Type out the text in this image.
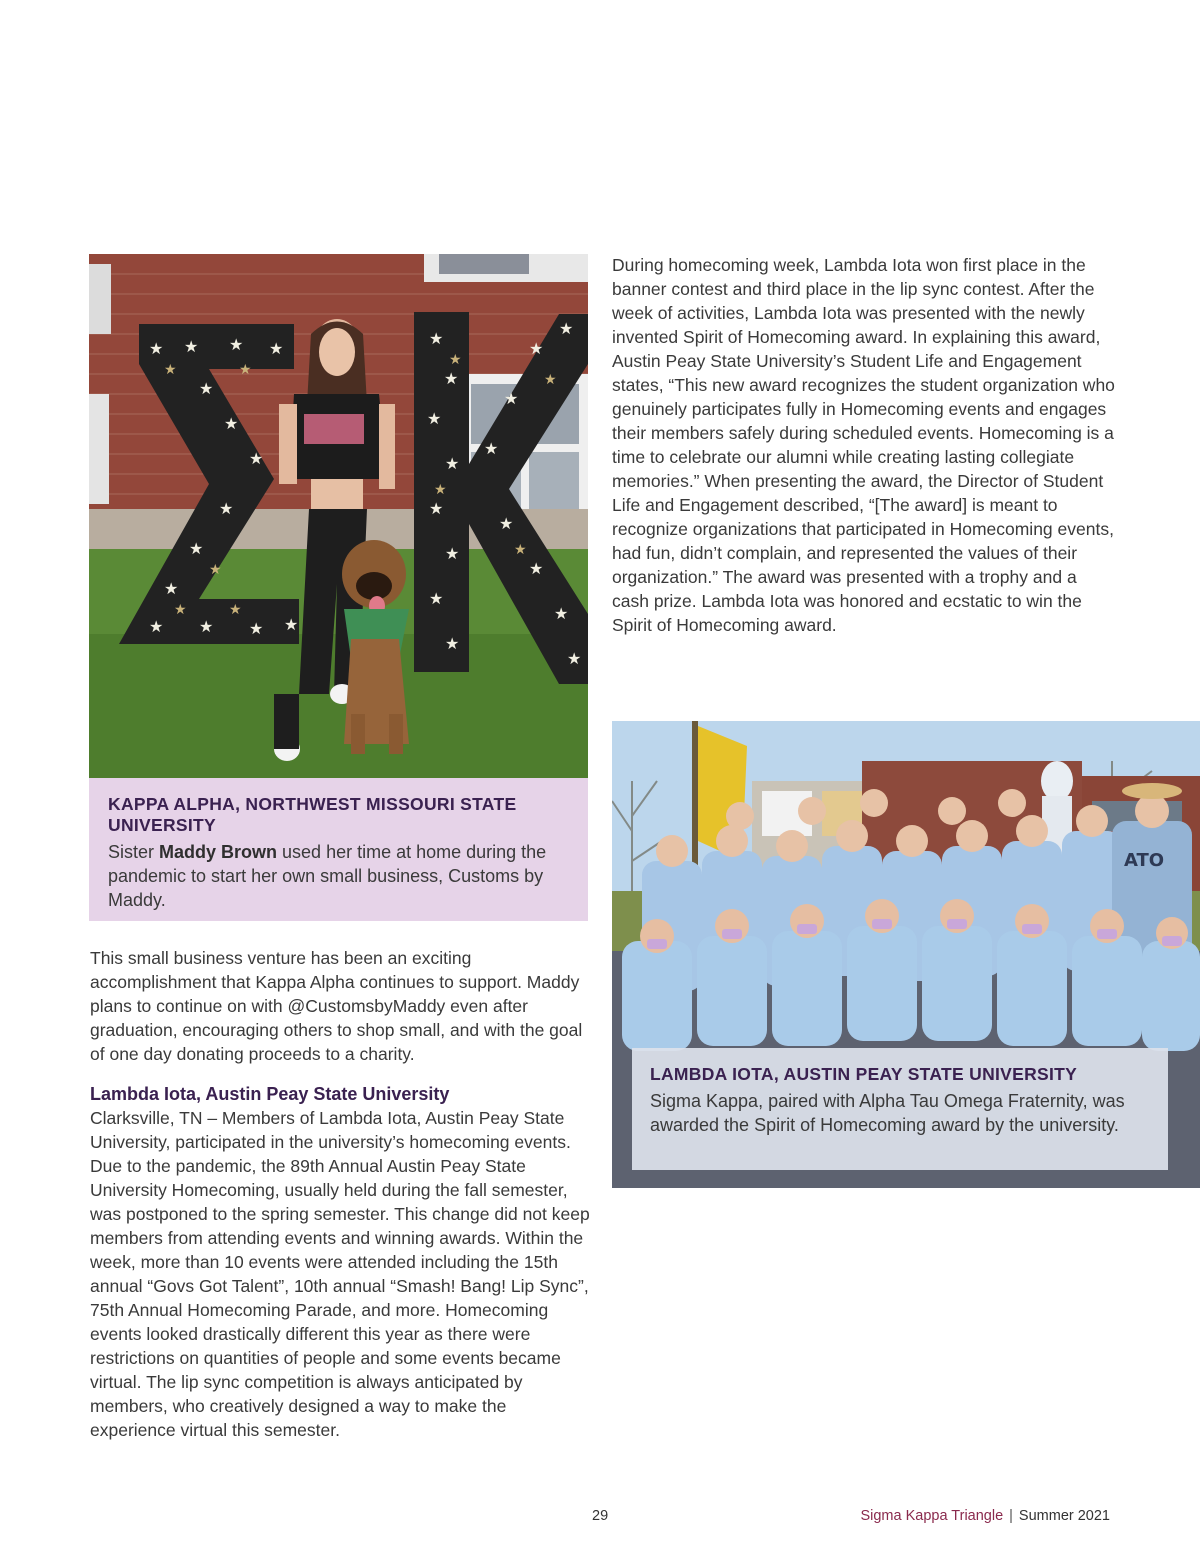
★ ★ ★ ★
★
★
★
★
★
★
★ ★ ★ ★
★
★
★
★
★
★
★
★
★
★
★
★
★
★
★
★
★	★
★
★	★
★
★
★
★

KAPPA ALPHA, NORTHWEST MISSOURI STATE
UNIVERSITY

Sister Maddy Brown used her time at home during the pandemic to start her own small business, Customs by Maddy.

This small business venture has been an exciting accomplishment that Kappa Alpha continues to support. Maddy plans to continue on with @CustomsbyMaddy even after graduation, encouraging others to shop small, and with the goal of one day donating proceeds to a charity.

Lambda Iota, Austin Peay State University

Clarksville, TN – Members of Lambda Iota, Austin Peay State University, participated in the university’s homecoming events. Due to the pandemic, the 89th Annual Austin Peay State University Homecoming, usually held during the fall semester, was postponed to the spring semester. This change did not keep members from attending events and winning awards. Within the week, more than 10 events were attended including the 15th annual “Govs Got Talent”, 10th annual “Smash! Bang! Lip Sync”, 75th Annual Homecoming Parade, and more. Homecoming events looked drastically different this year as there were restrictions on quantities of people and some events became virtual. The lip sync competition is always anticipated by members, who creatively designed a way to make the experience virtual this semester.

During homecoming week, Lambda Iota won first place in the banner contest and third place in the lip sync contest. After the week of activities, Lambda Iota was presented with the newly invented Spirit of Homecoming award. In explaining this award, Austin Peay State University’s Student Life and Engagement states, “This new award recognizes the student organization who genuinely participates fully in Homecoming events and engages their members safely during scheduled events. Homecoming is a time to celebrate our alumni while creating lasting collegiate memories.” When presenting the award, the Director of Student Life and Engagement described, “[The award] is meant to recognize organizations that participated in Homecoming events, had fun, didn’t complain, and represented the values of their organization.” The award was presented with a trophy and a cash prize. Lambda Iota was honored and ecstatic to win the Spirit of Homecoming award.

ATO

LAMBDA IOTA, AUSTIN PEAY STATE UNIVERSITY

Sigma Kappa, paired with Alpha Tau Omega Fraternity, was awarded the Spirit of Homecoming award by the university.

29	Sigma Kappa Triangle | Summer 2021
